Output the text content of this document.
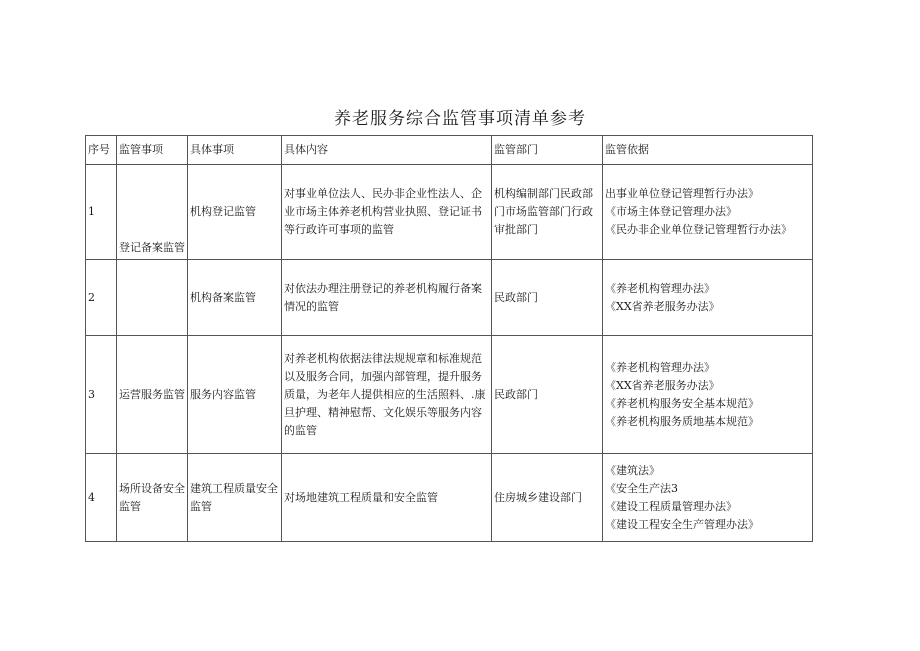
养老服务综合监管事项清单参考
序号	监管事项	具体事项	具体内容	监管部门	监管依据
1	登记备案监管	机构登记监管	对事业单位法人、民办非企业性法人、企业市场主体养老机构营业执照、登记证书等行政许可事项的监管	机构编制部门民政部门市场监管部门行政审批部门	出事业单位登记管理暂行办法》
《市场主体登记管理办法》
《民办非企业单位登记管理暂行办法》

2		机构备案监管	对依法办理注册登记的养老机构履行备案情况的监管	民政部门	《养老机构管理办法》
《XX省养老服务办法》

3	运营服务监管	服务内容监管	对养老机构依据法律法规规章和标准规范以及服务合同，加强内部管理，提升服务质量，为老年人提供相应的生活照料、.康旦护理、精神慰帮、文化娱乐等服务内容的监管	民政部门	《养老机构管理办法》
《XX省养老服务办法》
《养老机构服务安全基本规范》
《养老机构服务质地基本规范》

4	场所设备安全监管	建筑工程质量安全监管	对场地建筑工程质量和安全监管	住房城乡建设部门	《建筑法》
《安全生产法3
《建设工程质量管理办法》
《建设工程安全生产管理办法》
